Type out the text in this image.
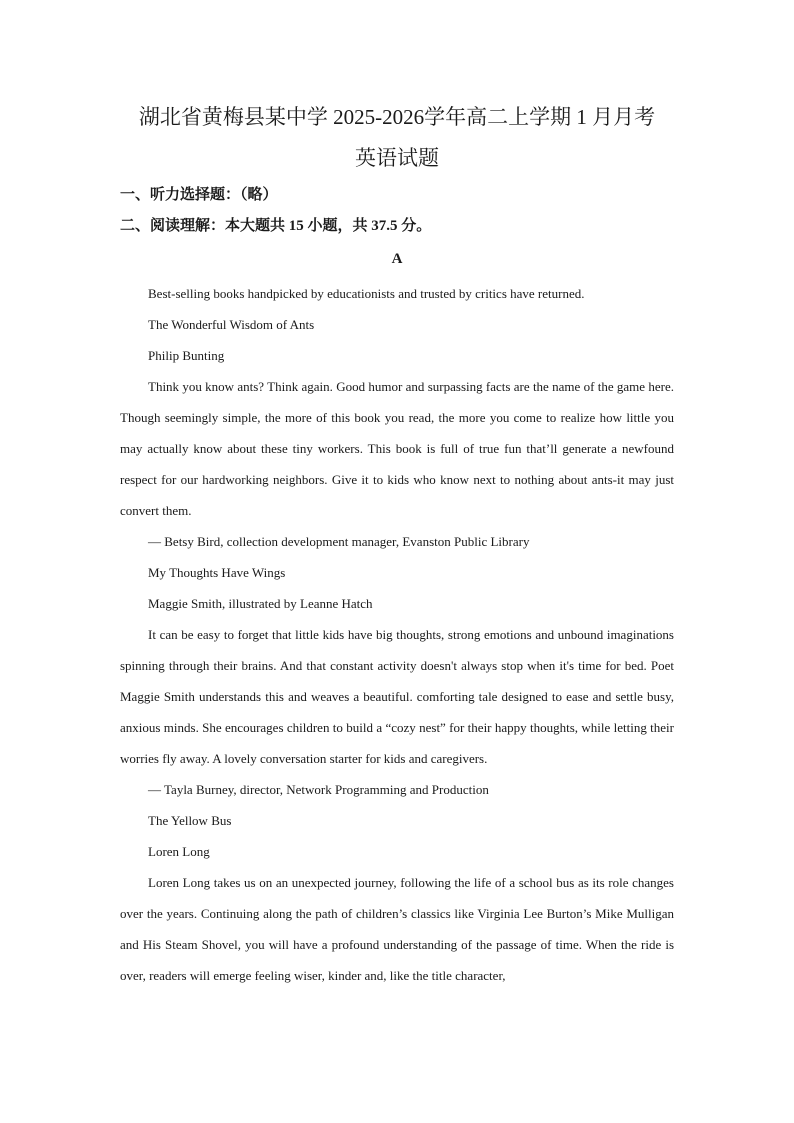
湖北省黄梅县某中学 2025-2026学年高二上学期 1 月月考
英语试题
一、听力选择题：（略）
二、阅读理解：本大题共 15 小题，共 37.5 分。
A

Best-selling books handpicked by educationists and trusted by critics have returned.

The Wonderful Wisdom of Ants

Philip Bunting

Think you know ants? Think again. Good humor and surpassing facts are the name of the game here. Though seemingly simple, the more of this book you read, the more you come to realize how little you may actually know about these tiny workers. This book is full of true fun that’ll generate a newfound respect for our hardworking neighbors. Give it to kids who know next to nothing about ants-it may just convert them.

— Betsy Bird, collection development manager, Evanston Public Library

My Thoughts Have Wings

Maggie Smith, illustrated by Leanne Hatch

It can be easy to forget that little kids have big thoughts, strong emotions and unbound imaginations spinning through their brains. And that constant activity doesn't always stop when it's time for bed. Poet Maggie Smith understands this and weaves a beautiful. comforting tale designed to ease and settle busy, anxious minds. She encourages children to build a “cozy nest” for their happy thoughts, while letting their worries fly away. A lovely conversation starter for kids and caregivers.

— Tayla Burney, director, Network Programming and Production

The Yellow Bus

Loren Long

Loren Long takes us on an unexpected journey, following the life of a school bus as its role changes over the years. Continuing along the path of children’s classics like Virginia Lee Burton’s Mike Mulligan and His Steam Shovel, you will have a profound understanding of the passage of time. When the ride is over, readers will emerge feeling wiser, kinder and, like the title character,
